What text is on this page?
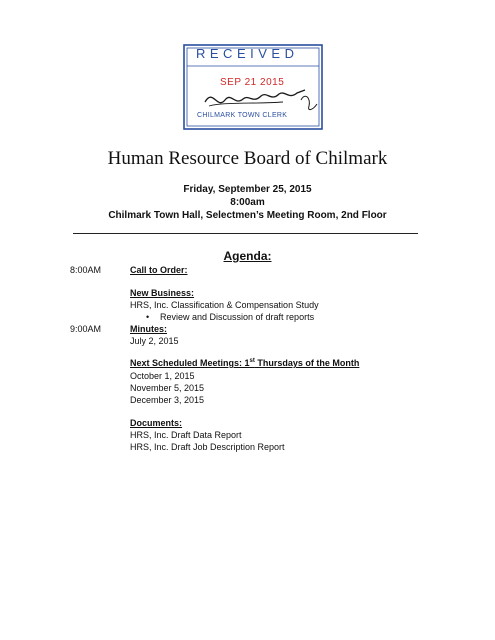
RECEIVED
SEP 21 2015
CHILMARK TOWN CLERK
Human Resource Board of Chilmark
Friday, September 25, 2015
8:00am
Chilmark Town Hall, Selectmen’s Meeting Room, 2nd Floor
Agenda:
8:00AM	Call to Order:
New Business:
HRS, Inc. Classification & Compensation Study
• Review and Discussion of draft reports
9:00AM	Minutes:
July 2, 2015
Next Scheduled Meetings: 1st Thursdays of the Month
October 1, 2015
November 5, 2015
December 3, 2015
Documents:
HRS, Inc. Draft Data Report
HRS, Inc. Draft Job Description Report
